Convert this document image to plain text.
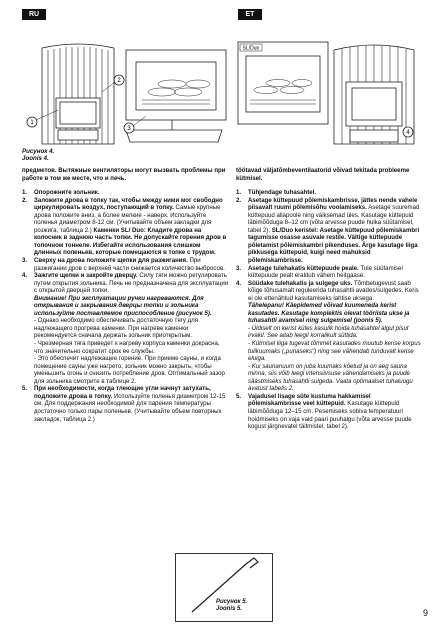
RU	ET
1
2
3
SL/Duo
4
Рисунок 4.
Joonis 4.

предметов. Вытяжные вентиляторы могут вызвать проблемы при работе в том же месте, что и печь.

1. Опорожните зольник.
2. Заложите дрова в топку так, чтобы между ними мог свободно циркулировать воздух, поступающий в топку. Самые крупные дрова положите вниз, а более мелкие - наверх. Используйте поленья диаметром 8-12 см. (Учитывайте объем закладки для розжига, таблица 2.) Каменки SL/ Duo: Кладите дрова на колосник в заднюю часть топки. Не допускайте горения дров в топочном тоннеле. Избегайте использования слишком длинных поленьев, которые помещаются в топке с трудом.
3. Сверху на дрова положите щепки для разжигания. При разжигании дров с верхней части снижается количество выбросов.
4. Зажгите щепки и закройте дверцу. Силу тяги можно регулировать путем открытия зольника. Печь не предназначена для эксплуатации с открытой дверцей топки.
Внимание! При эксплуатации ручки нагреваются. Для открывания и закрывания дверцы топки и зольника используйте поставляемое приспособление (рисунок 5).
- Однако необходимо обеспечивать достаточную тягу для надлежащего прогрева каменки. При нагреве каменки рекомендуется сначала держать зольник приоткрытым.
- Чрезмерная тяга приведет к нагреву корпуса каменки докрасна, что значительно сократит срок ее службы.
- Это обеспечит надлежащее горение. При приеме сауны, и когда помещение сауны уже нагрето, зольник можно закрыть, чтобы уменьшить огонь и снизить потребление дров. Оптимальный зазор для зольника смотрите в таблице 2.
5. При необходимости, когда тлеющие угли начнут затухать, подложите дрова в топку. Используйте поленья диаметром 12-15 см. Для поддержания необходимой для парения температуры достаточно только пары поленьев. (Учитывайте объем повторных закладок, таблица 2.)

töötavad väljatõmbeventilaatorid võivad tekitada probleeme kütmisel.

1. Tühjendage tuhasahtel.
2. Asetage küttepuud põlemiskambrisse, jättes nende vahele piisavalt ruumi põlemisõhu voolamiseks. Asetage suuremad küttepuud allapoole ning väiksemad üles. Kasutage küttepuid läbimõõduga 8–12 cm (võta arvesse puude hulka süütamisel, tabel 2). SL/Duo keristel: Asetage küttepuud põlemiskambri tagumisse osasse asuvale restile. Vältige küttepuude põletamist põlemiskambri pikenduses. Ärge kasutage liiga pikkusega küttepuid, kuigi need mahuksid põlemiskambrisse.
3. Asetage tulehakatis küttepuude peale. Tule süütamisel küttepuude pealt eraldub vähem heitgaase.
4. Süüdake tulehakatis ja sulgege uks. Tõmbetugevust saab kõige tõhusamalt reguleerida tuhasahtli avades/sulgedes. Keris ei ole ettenähtud kasutamiseks lahtise uksega.
Tähelepanu! Käepidemed võivad kuumeneda kerist kasutades. Kasutage komplektis olevat tööriista ukse ja tuhasahtli avamisel ning sulgemisel (joonis 5).
- Üldiselt on kerist kütes kasulik hoida tuhasahtel algul pisut irvakil. See aitab leegil korralikult süttida.
- Kütmisel liiga tugevat tõmmet kasutades muutub kerise korpus tulikuumaks („punaseks") ning see vähendab tunduvalt kerise eluiga.
- Kui saunanuum on juba kuumaks köetud ja on aeg sauna minna, siis võib leegi intensiivsuse vähendamiseks ja puude säästmiseks tuhasahtli sulgeda. Vaata optimaalset tuhaluugu avatust tabelis 2.
5. Vajadusel lisage süte kustuma hakkamisel põlemiskambrisse veel küttepuid. Kasutage küttepuid läbimõõduga 12–15 cm. Pesemiseks sobiva temperatuuri hoidmiseks on vaja vaid paari puuhalgu (võta arvesse puude kogust järgnevatel täitmistel, tabel 2).
Рисунок 5.
Joonis 5.	9
